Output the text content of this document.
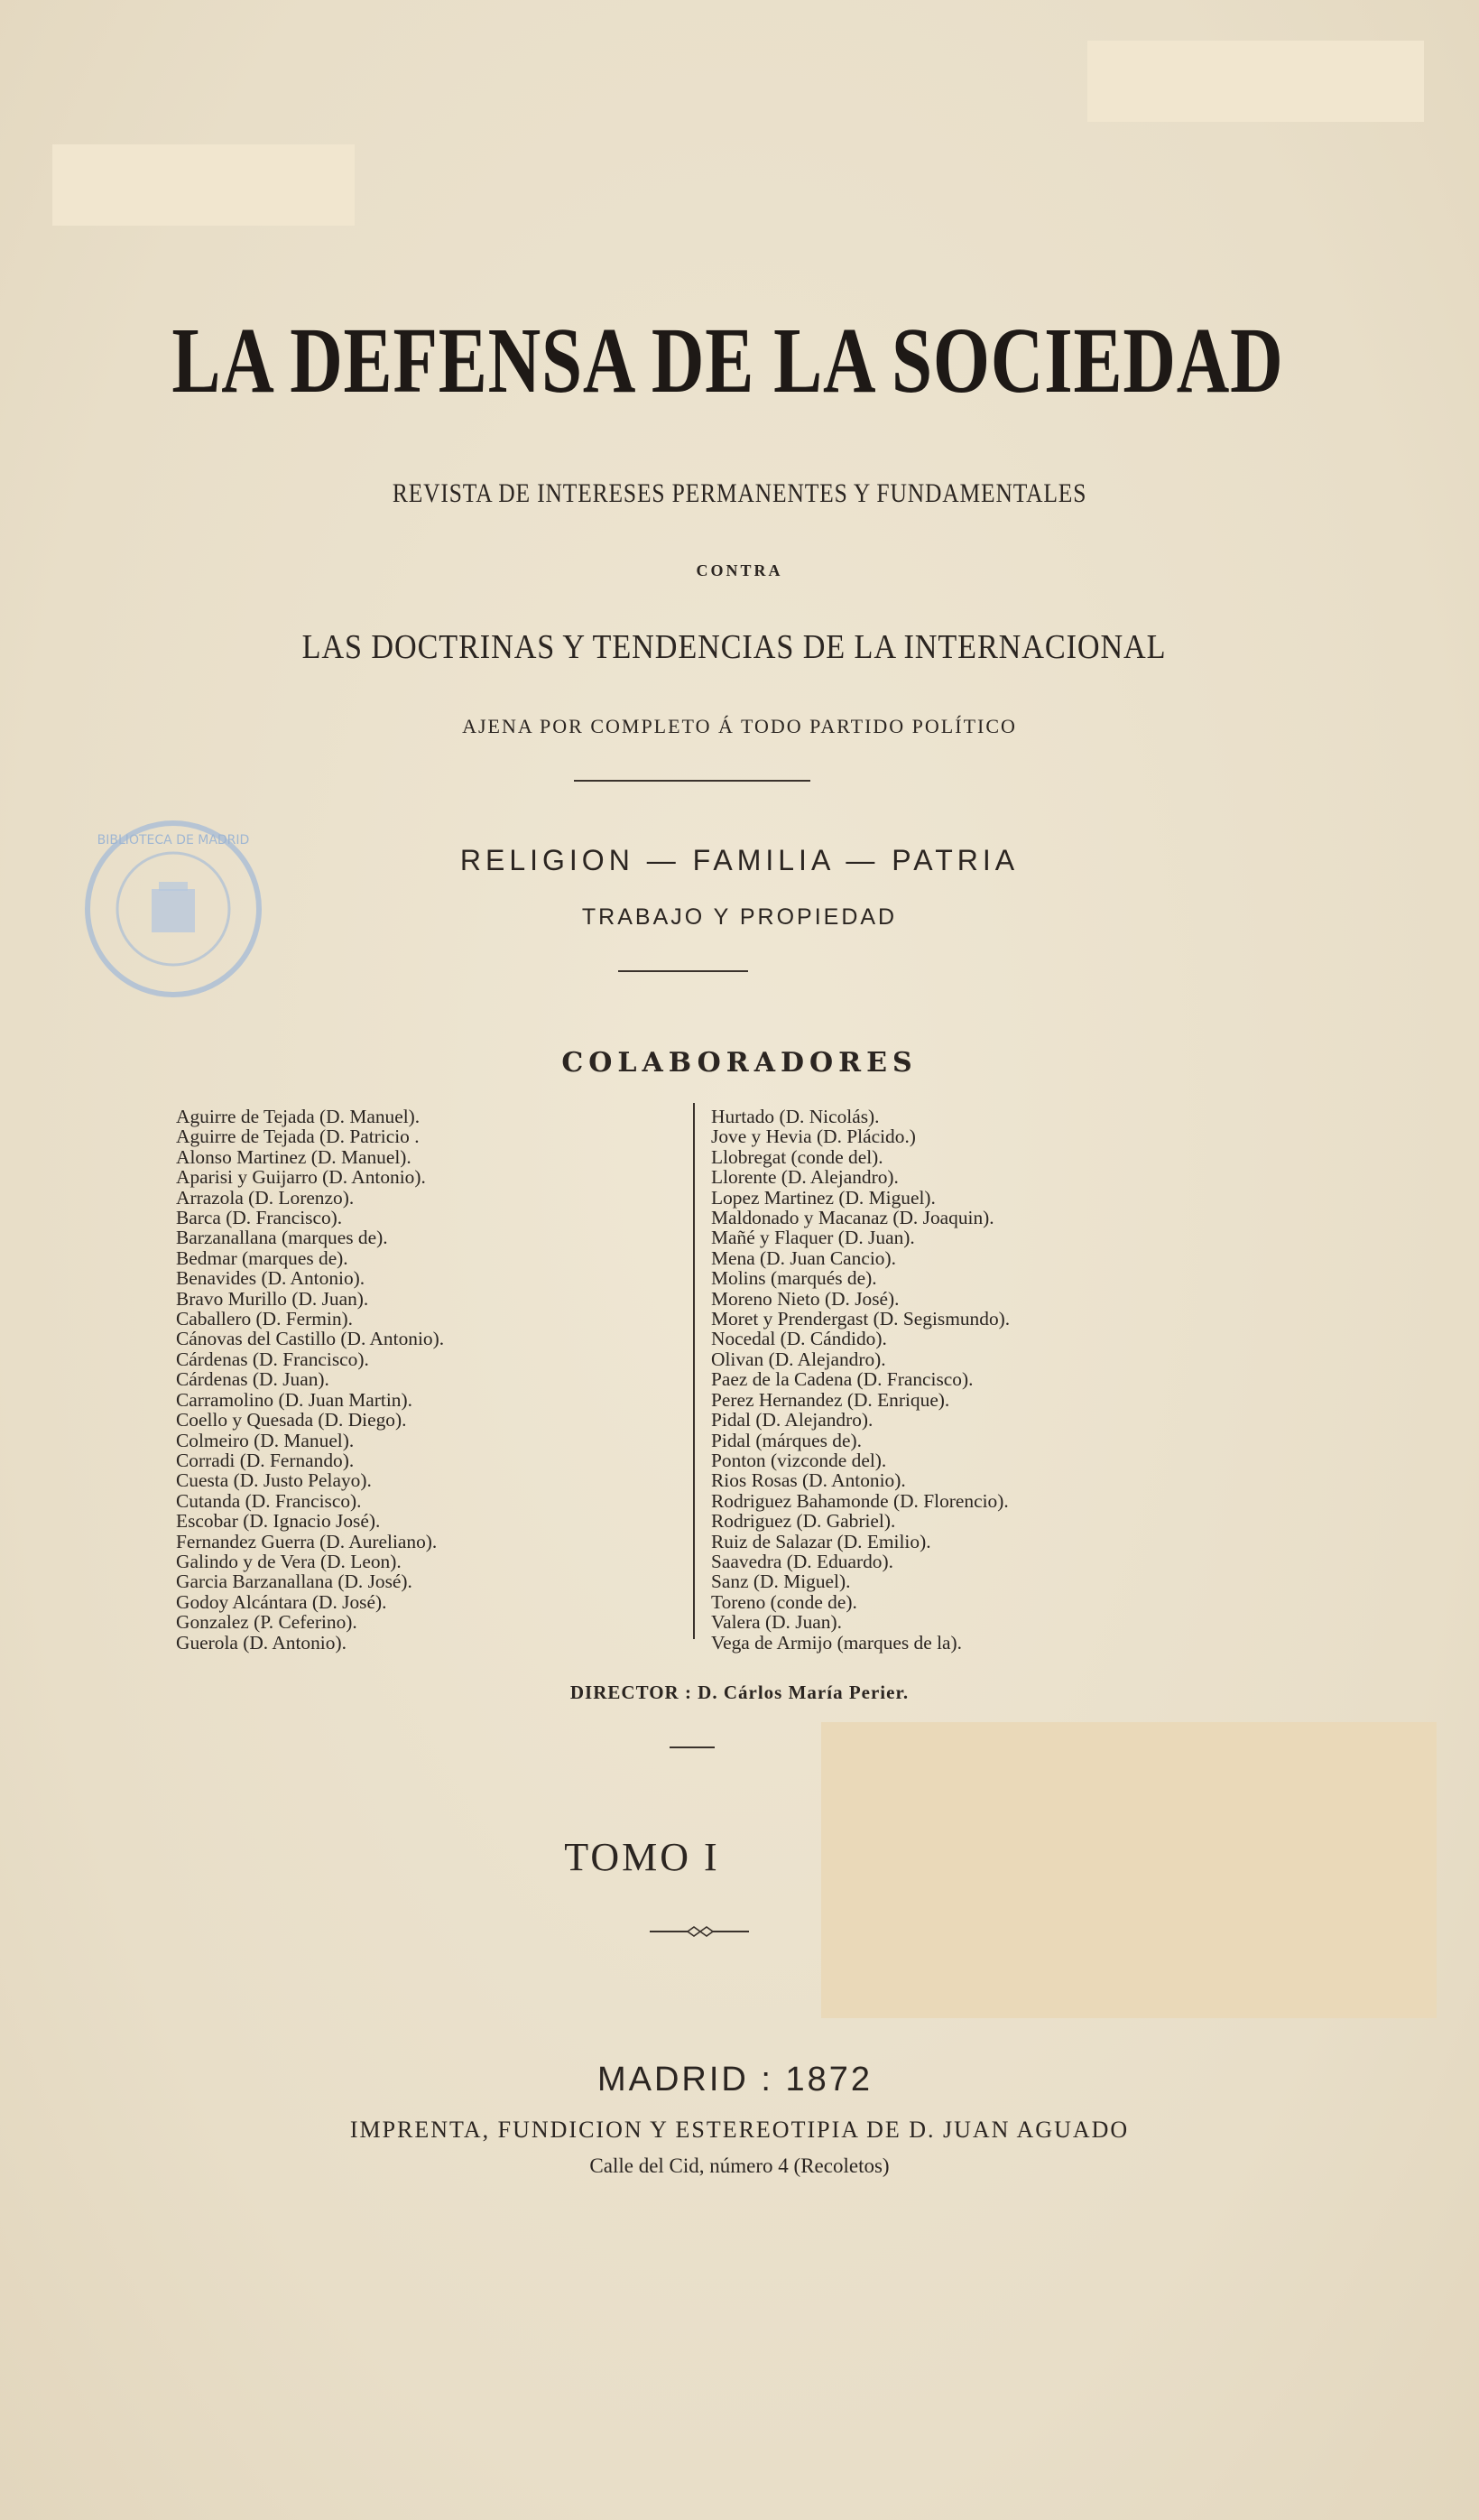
LA DEFENSA DE LA SOCIEDAD
REVISTA DE INTERESES PERMANENTES Y FUNDAMENTALES
CONTRA
LAS DOCTRINAS Y TENDENCIAS DE LA INTERNACIONAL
AJENA POR COMPLETO Á TODO PARTIDO POLÍTICO
BIBLIOTECA DE MADRID
RELIGION — FAMILIA — PATRIA
TRABAJO Y PROPIEDAD
COLABORADORES
Aguirre de Tejada (D. Manuel).
Aguirre de Tejada (D. Patricio .
Alonso Martinez (D. Manuel).
Aparisi y Guijarro (D. Antonio).
Arrazola (D. Lorenzo).
Barca (D. Francisco).
Barzanallana (marques de).
Bedmar (marques de).
Benavides (D. Antonio).
Bravo Murillo (D. Juan).
Caballero (D. Fermin).
Cánovas del Castillo (D. Antonio).
Cárdenas (D. Francisco).
Cárdenas (D. Juan).
Carramolino (D. Juan Martin).
Coello y Quesada (D. Diego).
Colmeiro (D. Manuel).
Corradi (D. Fernando).
Cuesta (D. Justo Pelayo).
Cutanda (D. Francisco).
Escobar (D. Ignacio José).
Fernandez Guerra (D. Aureliano).
Galindo y de Vera (D. Leon).
Garcia Barzanallana (D. José).
Godoy Alcántara (D. José).
Gonzalez (P. Ceferino).
Guerola (D. Antonio).
Hurtado (D. Nicolás).
Jove y Hevia (D. Plácido.)
Llobregat (conde del).
Llorente (D. Alejandro).
Lopez Martinez (D. Miguel).
Maldonado y Macanaz (D. Joaquin).
Mañé y Flaquer (D. Juan).
Mena (D. Juan Cancio).
Molins (marqués de).
Moreno Nieto (D. José).
Moret y Prendergast (D. Segismundo).
Nocedal (D. Cándido).
Olivan (D. Alejandro).
Paez de la Cadena (D. Francisco).
Perez Hernandez (D. Enrique).
Pidal (D. Alejandro).
Pidal (márques de).
Ponton (vizconde del).
Rios Rosas (D. Antonio).
Rodriguez Bahamonde (D. Florencio).
Rodriguez (D. Gabriel).
Ruiz de Salazar (D. Emilio).
Saavedra (D. Eduardo).
Sanz (D. Miguel).
Toreno (conde de).
Valera (D. Juan).
Vega de Armijo (marques de la).
DIRECTOR : D. Cárlos María Perier.
TOMO I
MADRID : 1872
IMPRENTA, FUNDICION Y ESTEREOTIPIA DE D. JUAN AGUADO
Calle del Cid, número 4 (Recoletos)
